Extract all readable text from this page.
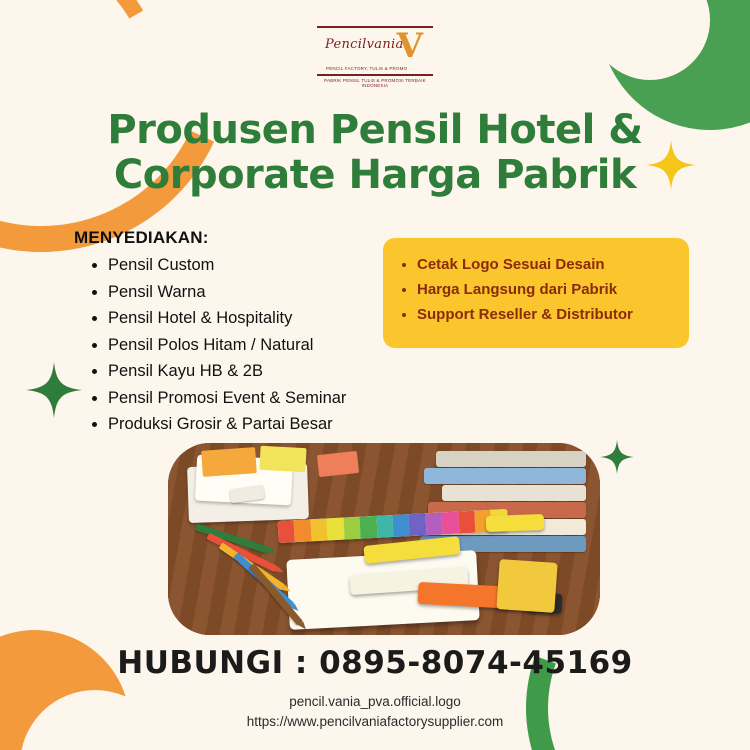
Pencilvania
V
PENCIL FACTORY, TULIS & PROMO
PABRIK PENSIL TULIS & PROMOSI TERBAIK INDONESIA
Produsen Pensil Hotel &
Corporate Harga Pabrik
MENYEDIAKAN:
• Pensil Custom
• Pensil Warna
• Pensil Hotel & Hospitality
• Pensil Polos Hitam / Natural
• Pensil Kayu HB & 2B
• Pensil Promosi Event & Seminar
• Produksi Grosir & Partai Besar
• Cetak Logo Sesuai Desain
• Harga Langsung dari Pabrik
• Support Reseller & Distributor
HUBUNGI : 0895-8074-45169
pencil.vania_pva.official.logo
https://www.pencilvaniafactorysupplier.com
